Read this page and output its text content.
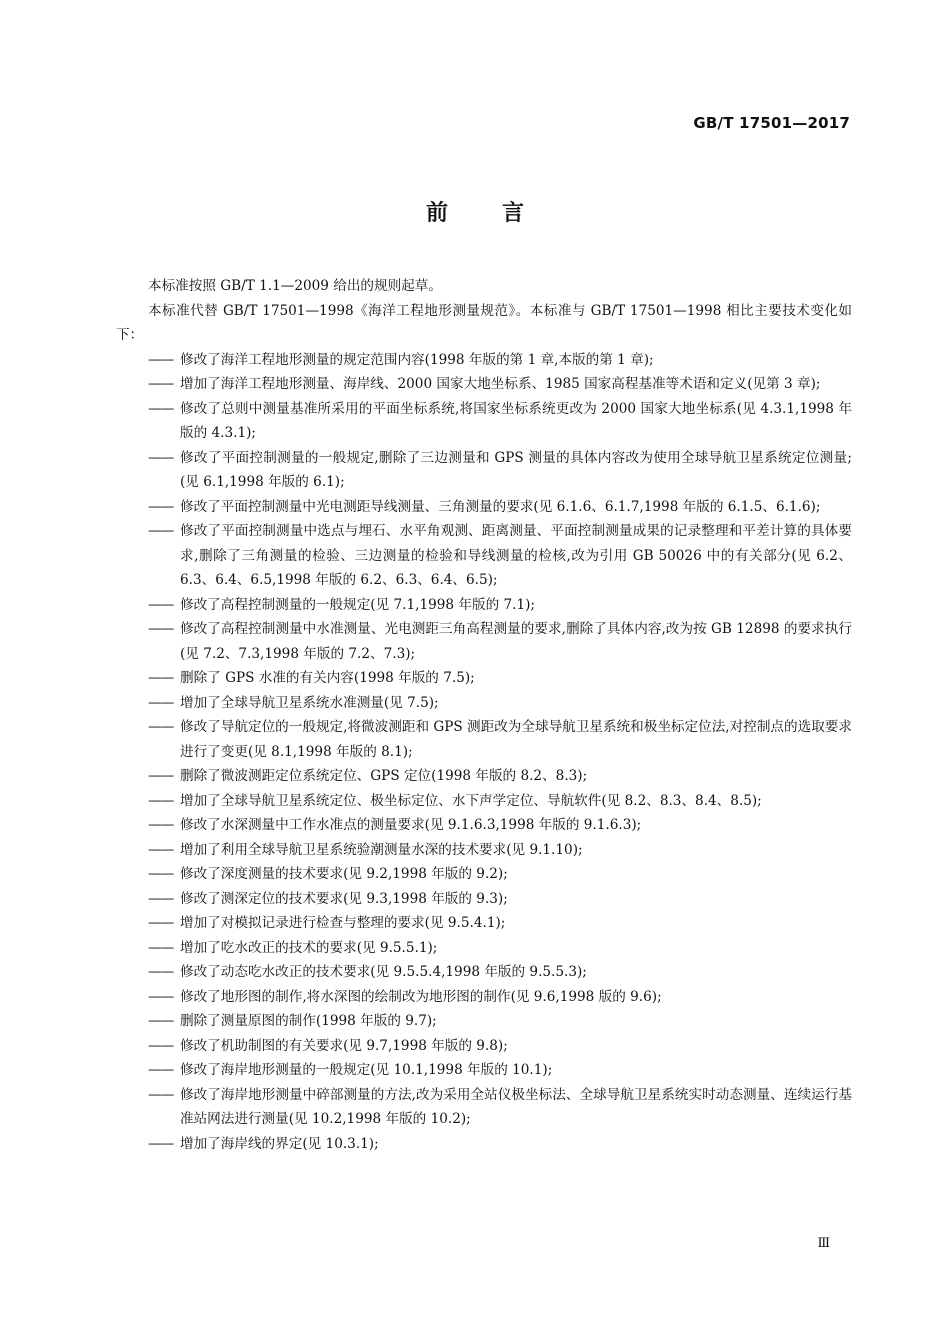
GB/T 17501—2017
前言

本标准按照 GB/T 1.1—2009 给出的规则起草。

本标准代替 GB/T 17501—1998《海洋工程地形测量规范》。本标准与 GB/T 17501—1998 相比主要技术变化如下：

—— 修改了海洋工程地形测量的规定范围内容(1998 年版的第 1 章,本版的第 1 章);

—— 增加了海洋工程地形测量、海岸线、2000 国家大地坐标系、1985 国家高程基准等术语和定义(见第 3 章);

—— 修改了总则中测量基准所采用的平面坐标系统,将国家坐标系统更改为 2000 国家大地坐标系(见 4.3.1,1998 年版的 4.3.1);

—— 修改了平面控制测量的一般规定,删除了三边测量和 GPS 测量的具体内容改为使用全球导航卫星系统定位测量;(见 6.1,1998 年版的 6.1);

—— 修改了平面控制测量中光电测距导线测量、三角测量的要求(见 6.1.6、6.1.7,1998 年版的 6.1.5、6.1.6);

—— 修改了平面控制测量中选点与埋石、水平角观测、距离测量、平面控制测量成果的记录整理和平差计算的具体要求,删除了三角测量的检验、三边测量的检验和导线测量的检核,改为引用 GB 50026 中的有关部分(见 6.2、6.3、6.4、6.5,1998 年版的 6.2、6.3、6.4、6.5);

—— 修改了高程控制测量的一般规定(见 7.1,1998 年版的 7.1);

—— 修改了高程控制测量中水准测量、光电测距三角高程测量的要求,删除了具体内容,改为按 GB 12898 的要求执行(见 7.2、7.3,1998 年版的 7.2、7.3);

—— 删除了 GPS 水准的有关内容(1998 年版的 7.5);

—— 增加了全球导航卫星系统水准测量(见 7.5);

—— 修改了导航定位的一般规定,将微波测距和 GPS 测距改为全球导航卫星系统和极坐标定位法,对控制点的选取要求进行了变更(见 8.1,1998 年版的 8.1);

—— 删除了微波测距定位系统定位、GPS 定位(1998 年版的 8.2、8.3);

—— 增加了全球导航卫星系统定位、极坐标定位、水下声学定位、导航软件(见 8.2、8.3、8.4、8.5);

—— 修改了水深测量中工作水准点的测量要求(见 9.1.6.3,1998 年版的 9.1.6.3);

—— 增加了利用全球导航卫星系统验潮测量水深的技术要求(见 9.1.10);

—— 修改了深度测量的技术要求(见 9.2,1998 年版的 9.2);

—— 修改了测深定位的技术要求(见 9.3,1998 年版的 9.3);

—— 增加了对模拟记录进行检查与整理的要求(见 9.5.4.1);

—— 增加了吃水改正的技术的要求(见 9.5.5.1);

—— 修改了动态吃水改正的技术要求(见 9.5.5.4,1998 年版的 9.5.5.3);

—— 修改了地形图的制作,将水深图的绘制改为地形图的制作(见 9.6,1998 版的 9.6);

—— 删除了测量原图的制作(1998 年版的 9.7);

—— 修改了机助制图的有关要求(见 9.7,1998 年版的 9.8);

—— 修改了海岸地形测量的一般规定(见 10.1,1998 年版的 10.1);

—— 修改了海岸地形测量中碎部测量的方法,改为采用全站仪极坐标法、全球导航卫星系统实时动态测量、连续运行基准站网法进行测量(见 10.2,1998 年版的 10.2);

—— 增加了海岸线的界定(见 10.3.1);

Ⅲ
